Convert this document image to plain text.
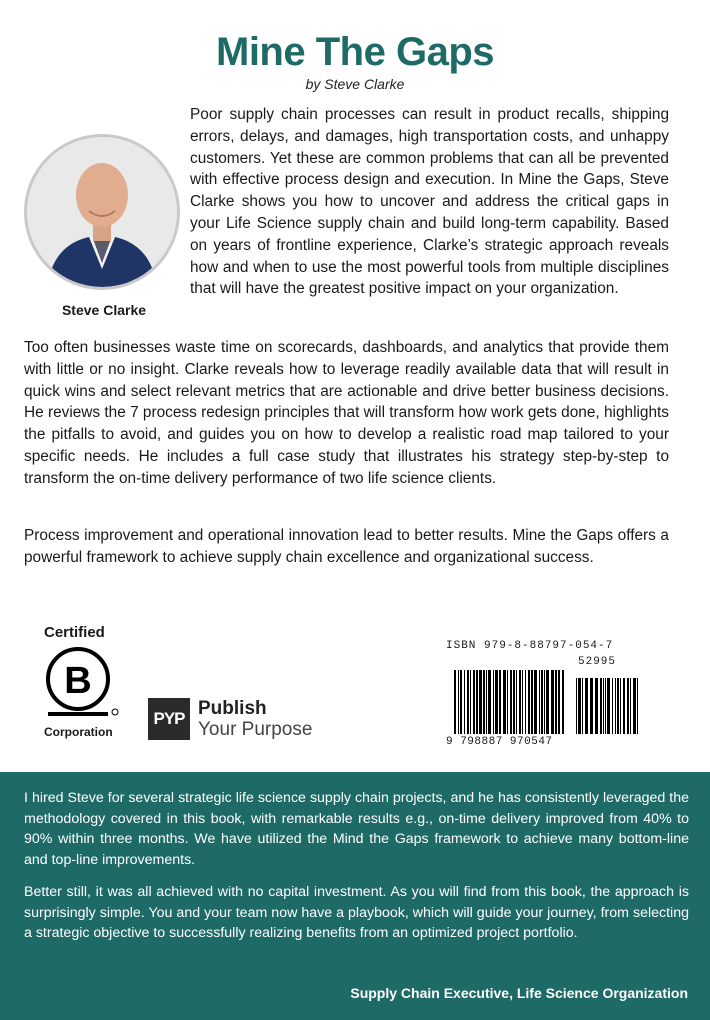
Mine The Gaps
by Steve Clarke
Steve Clarke
Poor supply chain processes can result in product recalls, shipping errors, delays, and damages, high transportation costs, and unhappy customers. Yet these are common problems that can all be prevented with effective process design and execution. In Mine the Gaps, Steve Clarke shows you how to uncover and address the critical gaps in your Life Science supply chain and build long-term capability. Based on years of frontline experience, Clarke’s strategic approach reveals how and when to use the most powerful tools from multiple disciplines that will have the greatest positive impact on your organization.

Too often businesses waste time on scorecards, dashboards, and analytics that provide them with little or no insight. Clarke reveals how to leverage readily available data that will result in quick wins and select relevant metrics that are actionable and drive better business decisions. He reviews the 7 process redesign principles that will transform how work gets done, highlights the pitfalls to avoid, and guides you on how to develop a realistic road map tailored to your specific needs. He includes a full case study that illustrates his strategy step-by-step to transform the on-time delivery performance of two life science clients.

Process improvement and operational innovation lead to better results. Mine the Gaps offers a powerful framework to achieve supply chain excellence and organizational success.

Certified
B
Corporation
PYP Publish
Your Purpose
ISBN 979-8-88797-054-7
52995
9 798887 970547

I hired Steve for several strategic life science supply chain projects, and he has consistently leveraged the methodology covered in this book, with remarkable results e.g., on-time delivery improved from 40% to 90% within three months. We have utilized the Mind the Gaps framework to achieve many bottom-line and top-line improvements.

Better still, it was all achieved with no capital investment. As you will find from this book, the approach is surprisingly simple. You and your team now have a playbook, which will guide your journey, from selecting a strategic objective to successfully realizing benefits from an optimized project portfolio.

Supply Chain Executive, Life Science Organization
